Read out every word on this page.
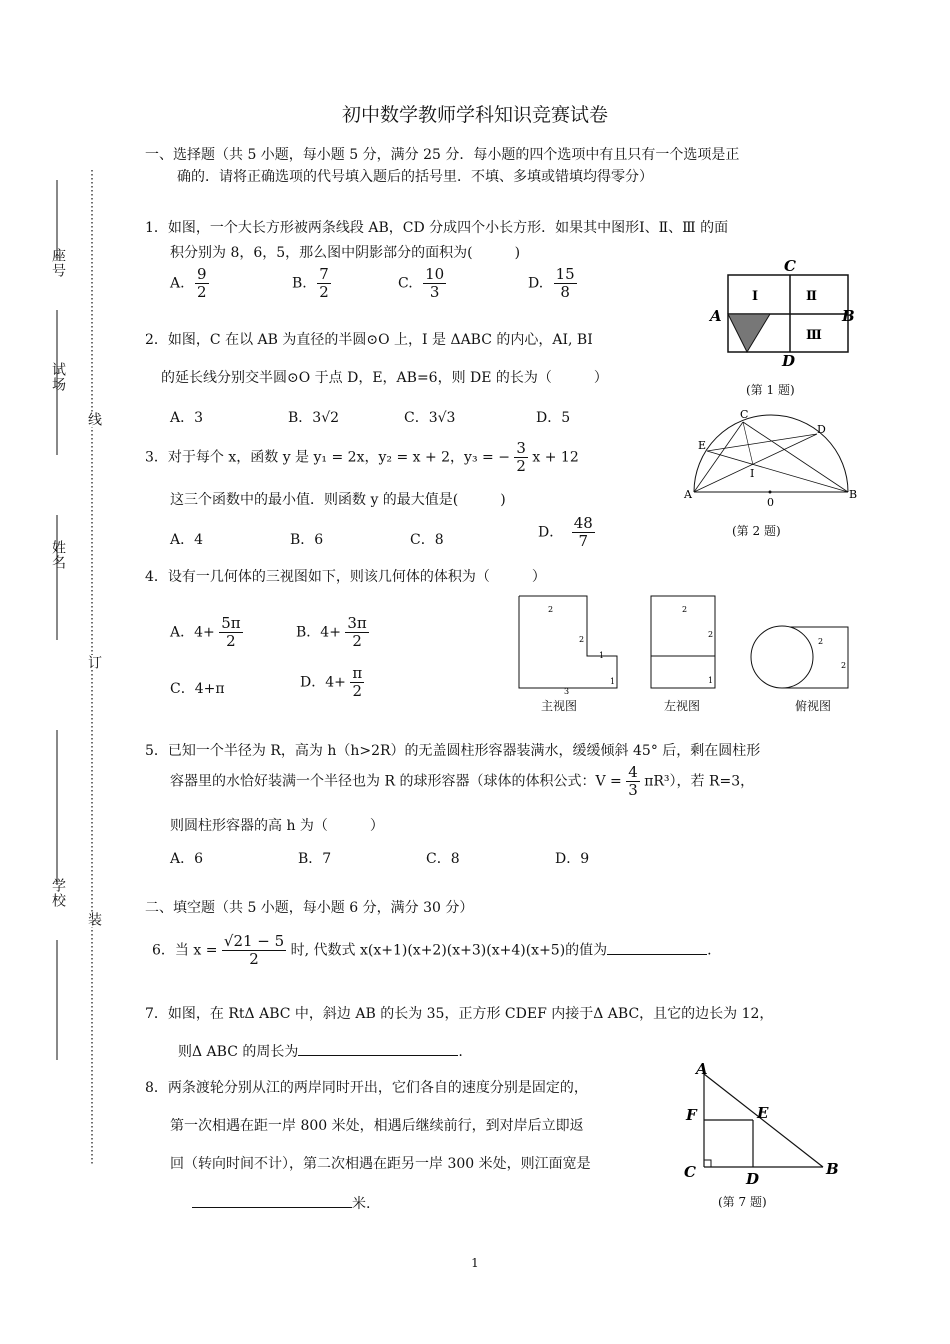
初中数学教师学科知识竞赛试卷
座号
试场
姓名
学校
线
订
装
一、选择题（共 5 小题，每小题 5 分，满分 25 分．每小题的四个选项中有且只有一个选项是正
确的．请将正确选项的代号填入题后的括号里．不填、多填或错填均得零分）
1．如图，一个大长方形被两条线段 AB，CD 分成四个小长方形．如果其中图形Ⅰ、Ⅱ、Ⅲ 的面
积分别为 8，6，5，那么图中阴影部分的面积为(　　　)
A. $\frac{9}{2}$	B. $\frac{7}{2}$	C. $\frac{10}{3}$	D. $\frac{15}{8}$	C
A	B
D
Ⅰ	Ⅱ
Ⅲ
(第 1 题)
2．如图，C 在以 AB 为直径的半圆⊙O 上，I 是 ΔABC 的内心，AI, BI
的延长线分别交半圆⊙O 于点 D，E，AB=6，则 DE 的长为（　　　）
A．3	B．3√2	C．3√3	D．5	C
D
E
I
A
0
B
(第 2 题)
3．对于每个 x，函数 y 是 y₁ = 2x，y₂ = x + 2，y₃ = − $\frac{3}{2}$ x + 12
这三个函数中的最小值．则函数 y 的最大值是(　　　)
A．4	B．6	C．8	D． $\frac{48}{7}$
4．设有一几何体的三视图如下，则该几何体的体积为（　　　）
A．$4+ \frac{5\pi}{2}$	B．$4+ \frac{3\pi}{2}$
C．4+π	D．$4+ \frac{\pi}{2}$
2
2
1
1
3
2
2
1
2
2
主视图	左视图	俯视图
5．已知一个半径为 R，高为 h（h>2R）的无盖圆柱形容器装满水，缓缓倾斜 45° 后，剩在圆柱形
容器里的水恰好装满一个半径也为 R 的球形容器（球体的体积公式：$V = \frac{4}{3} \pi R^3$），若 R=3，
则圆柱形容器的高 h 为（　　　）
A．6	B．7	C．8	D．9
二、填空题（共 5 小题，每小题 6 分，满分 30 分）
6．当 $x = \frac{√21 - 5}{2}$ 时, 代数式 x(x+1)(x+2)(x+3)(x+4)(x+5)的值为	.
7．如图，在 RtΔ ABC 中，斜边 AB 的长为 35，正方形 CDEF 内接于Δ ABC，且它的边长为 12，
则Δ ABC 的周长为	.
A
F	E
C	D
B
(第 7 题)
8．两条渡轮分别从江的两岸同时开出，它们各自的速度分别是固定的，
第一次相遇在距一岸 800 米处，相遇后继续前行，到对岸后立即返
回（转向时间不计），第二次相遇在距另一岸 300 米处，则江面宽是
米.
1
